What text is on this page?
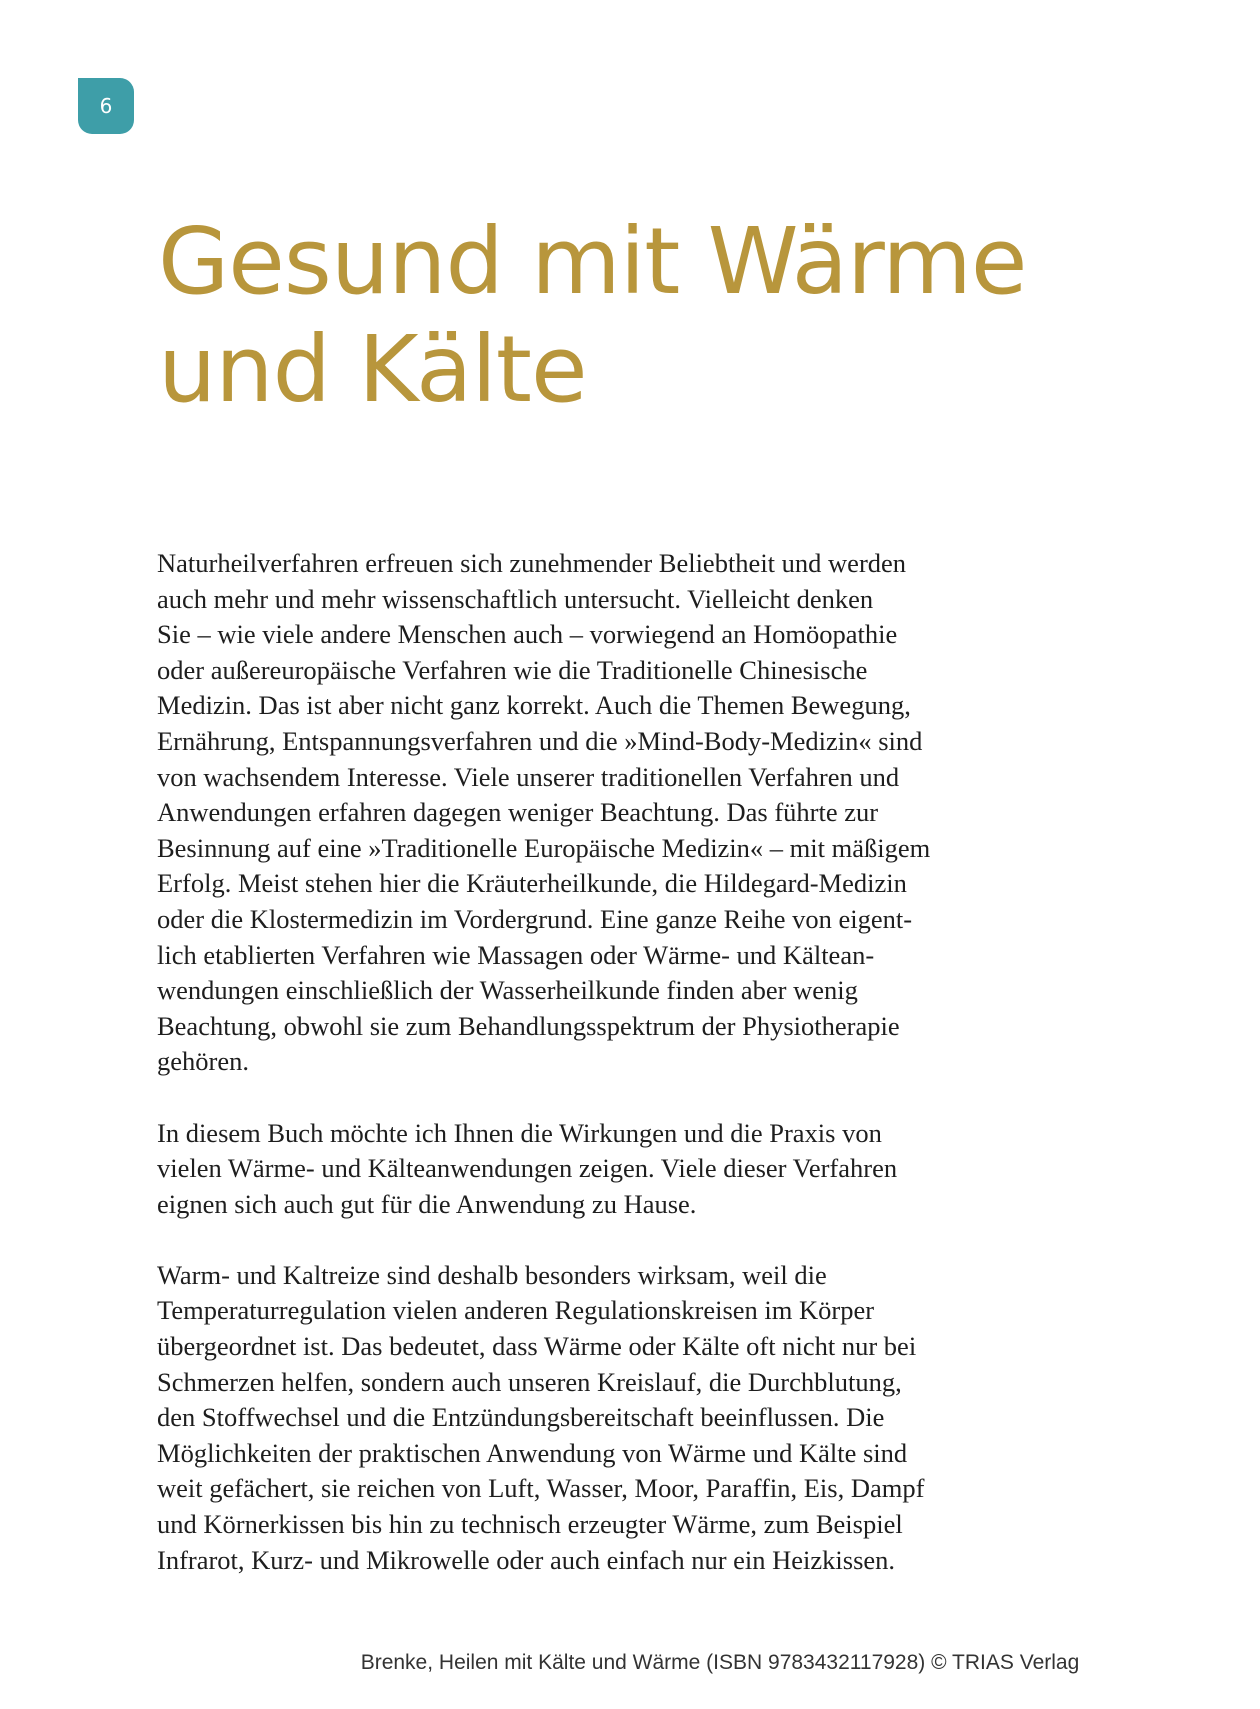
6
Gesund mit Wärme
und Kälte

Naturheilverfahren erfreuen sich zunehmender Beliebtheit und werden
auch mehr und mehr wissenschaftlich untersucht. Vielleicht denken
Sie – wie viele andere Menschen auch – vorwiegend an Homöopathie
oder außereuropäische Verfahren wie die Traditionelle Chinesische
Medizin. Das ist aber nicht ganz korrekt. Auch die Themen Bewegung,
Ernährung, Entspannungsverfahren und die »Mind-Body-Medizin« sind
von wachsendem Interesse. Viele unserer traditionellen Verfahren und
Anwendungen erfahren dagegen weniger Beachtung. Das führte zur
Besinnung auf eine »Traditionelle Europäische Medizin« – mit mäßigem
Erfolg. Meist stehen hier die Kräuterheilkunde, die Hildegard-Medizin
oder die Klostermedizin im Vordergrund. Eine ganze Reihe von eigent-
lich etablierten Verfahren wie Massagen oder Wärme- und Kältean-
wendungen einschließlich der Wasserheilkunde finden aber wenig
Beachtung, obwohl sie zum Behandlungsspektrum der Physiotherapie
gehören.

In diesem Buch möchte ich Ihnen die Wirkungen und die Praxis von
vielen Wärme- und Kälteanwendungen zeigen. Viele dieser Verfahren
eignen sich auch gut für die Anwendung zu Hause.

Warm- und Kaltreize sind deshalb besonders wirksam, weil die
Temperaturregulation vielen anderen Regulationskreisen im Körper
übergeordnet ist. Das bedeutet, dass Wärme oder Kälte oft nicht nur bei
Schmerzen helfen, sondern auch unseren Kreislauf, die Durchblutung,
den Stoffwechsel und die Entzündungsbereitschaft beeinflussen. Die
Möglichkeiten der praktischen Anwendung von Wärme und Kälte sind
weit gefächert, sie reichen von Luft, Wasser, Moor, Paraffin, Eis, Dampf
und Körnerkissen bis hin zu technisch erzeugter Wärme, zum Beispiel
Infrarot, Kurz- und Mikrowelle oder auch einfach nur ein Heizkissen.

Brenke, Heilen mit Kälte und Wärme (ISBN 9783432117928) © TRIAS Verlag
